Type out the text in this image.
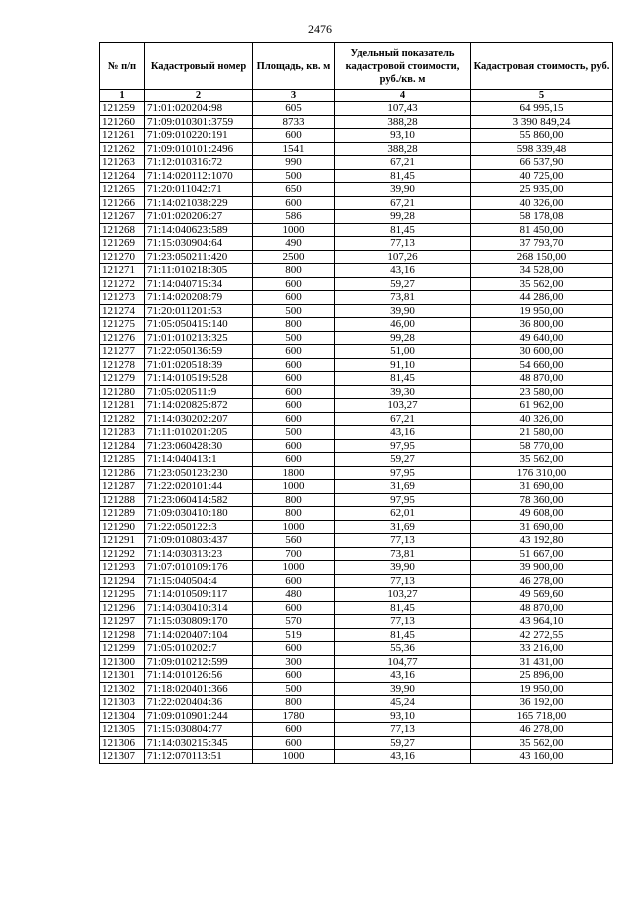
2476
№ п/п	Кадастровый номер	Площадь, кв. м	Удельный показатель кадастровой стоимости, руб./кв. м	Кадастровая стоимость, руб.
1	2	3	4	5
121259	71:01:020204:98	605	107,43	64 995,15
121260	71:09:010301:3759	8733	388,28	3 390 849,24
121261	71:09:010220:191	600	93,10	55 860,00
121262	71:09:010101:2496	1541	388,28	598 339,48
121263	71:12:010316:72	990	67,21	66 537,90
121264	71:14:020112:1070	500	81,45	40 725,00
121265	71:20:011042:71	650	39,90	25 935,00
121266	71:14:021038:229	600	67,21	40 326,00
121267	71:01:020206:27	586	99,28	58 178,08
121268	71:14:040623:589	1000	81,45	81 450,00
121269	71:15:030904:64	490	77,13	37 793,70
121270	71:23:050211:420	2500	107,26	268 150,00
121271	71:11:010218:305	800	43,16	34 528,00
121272	71:14:040715:34	600	59,27	35 562,00
121273	71:14:020208:79	600	73,81	44 286,00
121274	71:20:011201:53	500	39,90	19 950,00
121275	71:05:050415:140	800	46,00	36 800,00
121276	71:01:010213:325	500	99,28	49 640,00
121277	71:22:050136:59	600	51,00	30 600,00
121278	71:01:020518:39	600	91,10	54 660,00
121279	71:14:010519:528	600	81,45	48 870,00
121280	71:05:020511:9	600	39,30	23 580,00
121281	71:14:020825:872	600	103,27	61 962,00
121282	71:14:030202:207	600	67,21	40 326,00
121283	71:11:010201:205	500	43,16	21 580,00
121284	71:23:060428:30	600	97,95	58 770,00
121285	71:14:040413:1	600	59,27	35 562,00
121286	71:23:050123:230	1800	97,95	176 310,00
121287	71:22:020101:44	1000	31,69	31 690,00
121288	71:23:060414:582	800	97,95	78 360,00
121289	71:09:030410:180	800	62,01	49 608,00
121290	71:22:050122:3	1000	31,69	31 690,00
121291	71:09:010803:437	560	77,13	43 192,80
121292	71:14:030313:23	700	73,81	51 667,00
121293	71:07:010109:176	1000	39,90	39 900,00
121294	71:15:040504:4	600	77,13	46 278,00
121295	71:14:010509:117	480	103,27	49 569,60
121296	71:14:030410:314	600	81,45	48 870,00
121297	71:15:030809:170	570	77,13	43 964,10
121298	71:14:020407:104	519	81,45	42 272,55
121299	71:05:010202:7	600	55,36	33 216,00
121300	71:09:010212:599	300	104,77	31 431,00
121301	71:14:010126:56	600	43,16	25 896,00
121302	71:18:020401:366	500	39,90	19 950,00
121303	71:22:020404:36	800	45,24	36 192,00
121304	71:09:010901:244	1780	93,10	165 718,00
121305	71:15:030804:77	600	77,13	46 278,00
121306	71:14:030215:345	600	59,27	35 562,00
121307	71:12:070113:51	1000	43,16	43 160,00
